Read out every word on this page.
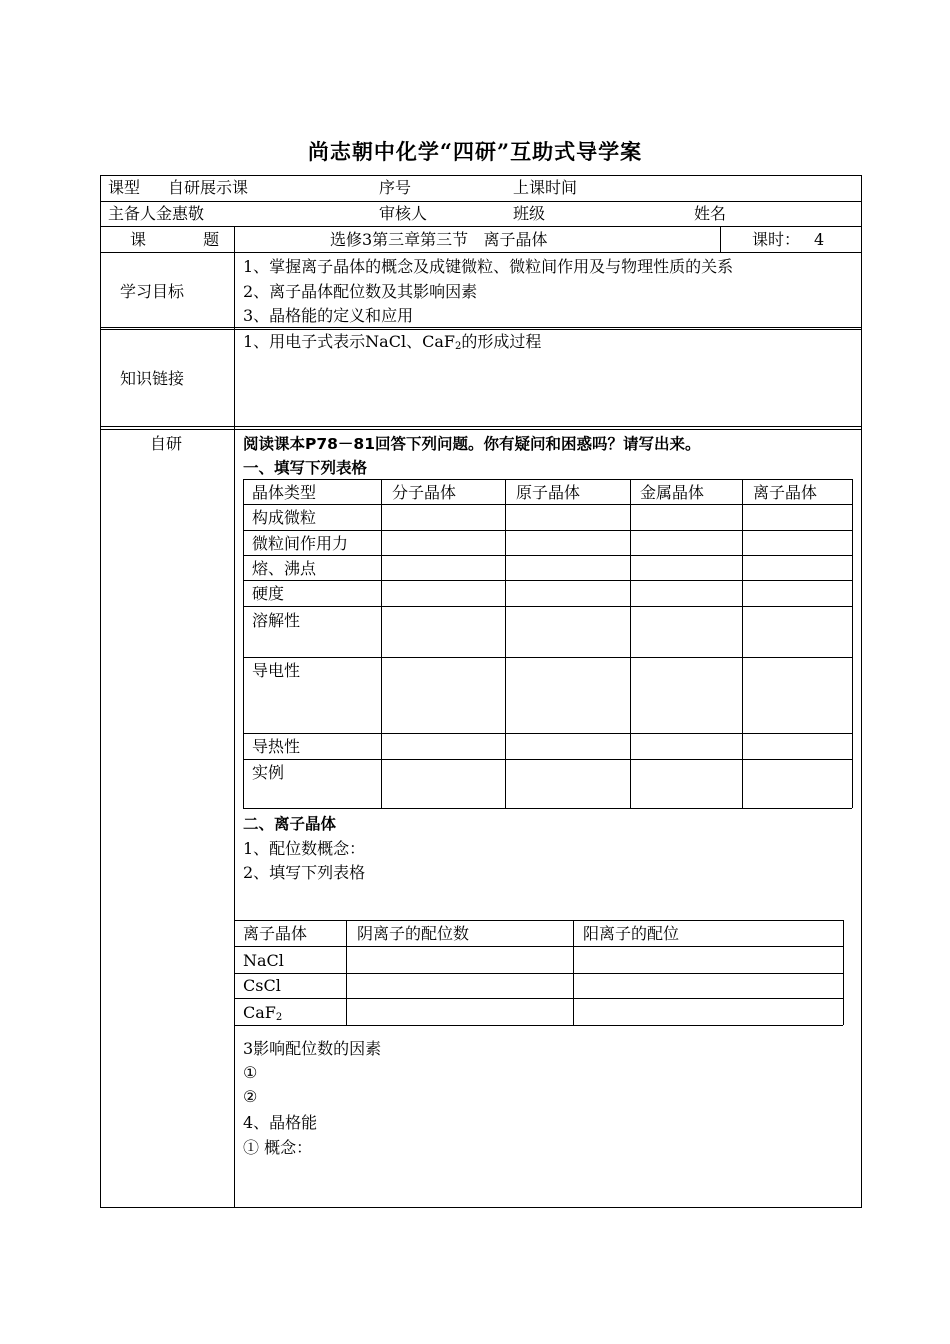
尚志朝中化学“四研”互助式导学案
课型 自研展示课	序号	上课时间
主备人金惠敬	审核人	班级	姓名
课 题	选修3第三章第三节   离子晶体	课时： 4
学习目标
1、掌握离子晶体的概念及成键微粒、微粒间作用及与物理性质的关系
2、离子晶体配位数及其影响因素
3、晶格能的定义和应用
知识链接
1、用电子式表示NaCl、CaF$_2$的形成过程
自研	阅读课本P78－81回答下列问题。你有疑问和困惑吗？请写出来。
一、填写下列表格
晶体类型	分子晶体	原子晶体	金属晶体	离子晶体
构成微粒
微粒间作用力
熔、沸点
硬度
溶解性
导电性
导热性
实例
二、离子晶体
1、配位数概念：
2、填写下列表格
离子晶体	阴离子的配位数	阳离子的配位
NaCl
CsCl
CaF$_2$
3影响配位数的因素
①
②
4、晶格能
① 概念：
